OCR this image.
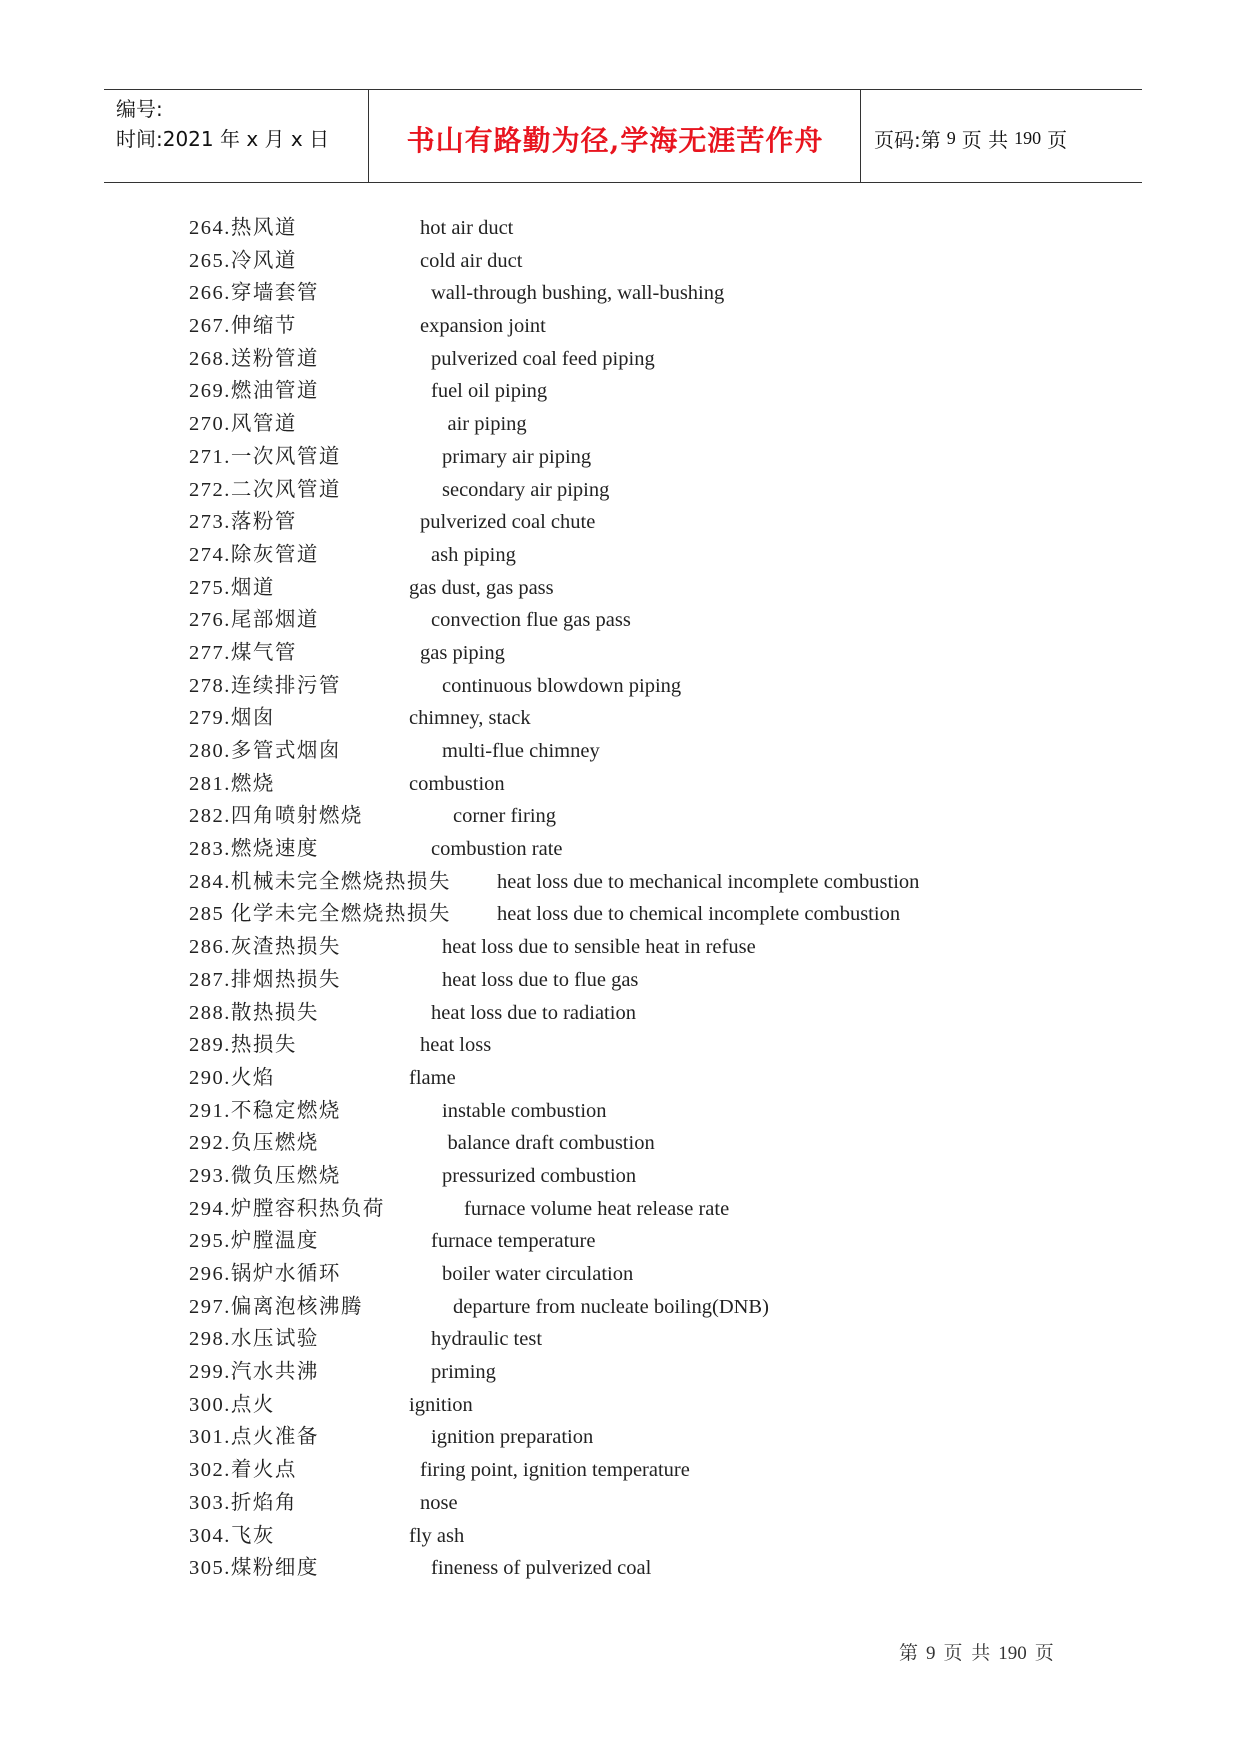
编号:
时间:2021 年 x 月 x 日	书山有路勤为径,学海无涯苦作舟	页码:第 9 页 共 190 页
264.热风道	hot air duct
265.冷风道	cold air duct
266.穿墙套管	wall-through bushing, wall-bushing
267.伸缩节	expansion joint
268.送粉管道	pulverized coal feed piping
269.燃油管道	fuel oil piping
270.风管道	air piping
271.一次风管道	primary air piping
272.二次风管道	secondary air piping
273.落粉管	pulverized coal chute
274.除灰管道	ash piping
275.烟道	gas dust, gas pass
276.尾部烟道	convection flue gas pass
277.煤气管	gas piping
278.连续排污管	continuous blowdown piping
279.烟囱	chimney, stack
280.多管式烟囱	multi-flue chimney
281.燃烧	combustion
282.四角喷射燃烧	corner firing
283.燃烧速度	combustion rate
284.机械未完全燃烧热损失 heat loss due to mechanical incomplete combustion
285 化学未完全燃烧热损失 heat loss due to chemical incomplete combustion
286.灰渣热损失	heat loss due to sensible heat in refuse
287.排烟热损失	heat loss due to flue gas
288.散热损失	heat loss due to radiation
289.热损失	heat loss
290.火焰	flame
291.不稳定燃烧	instable combustion
292.负压燃烧	balance draft combustion
293.微负压燃烧	pressurized combustion
294.炉膛容积热负荷	furnace volume heat release rate
295.炉膛温度	furnace temperature
296.锅炉水循环	boiler water circulation
297.偏离泡核沸腾	departure from nucleate boiling(DNB)
298.水压试验	hydraulic test
299.汽水共沸	priming
300.点火	ignition
301.点火准备	ignition preparation
302.着火点	firing point, ignition temperature
303.折焰角	nose
304.飞灰	fly ash
305.煤粉细度	fineness of pulverized coal
第 9 页 共 190 页
